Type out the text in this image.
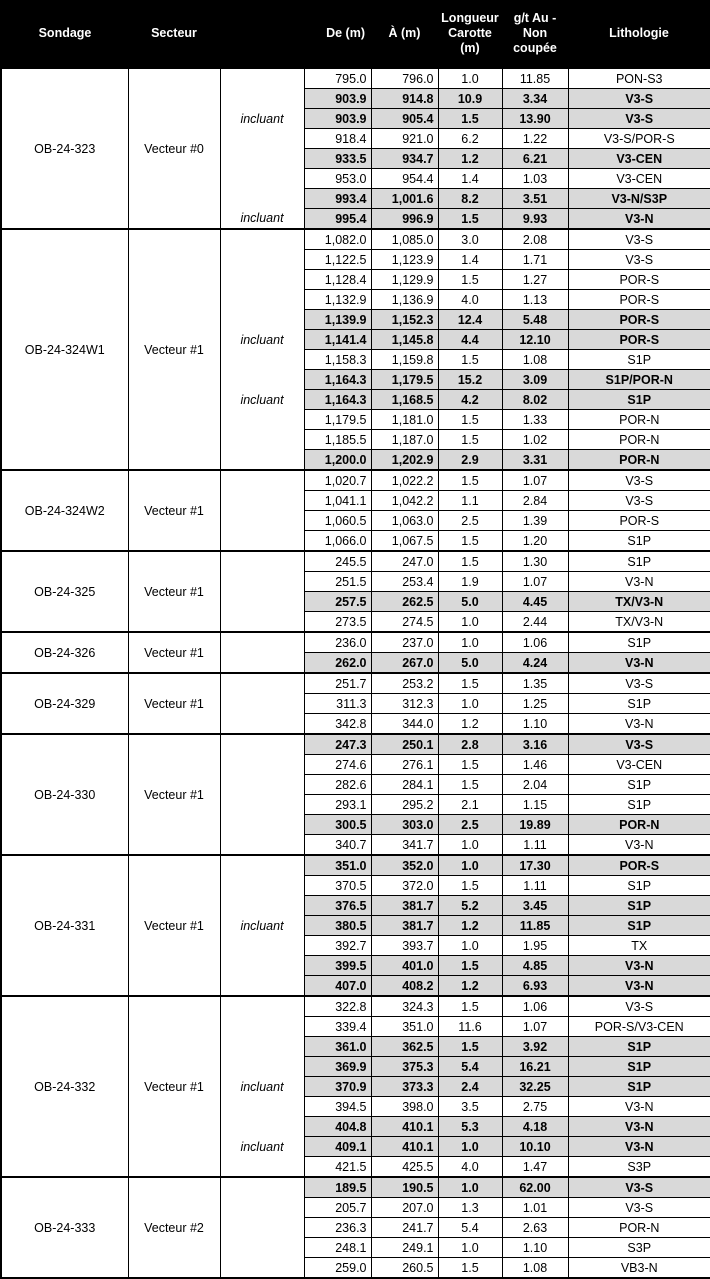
Sondage	Secteur		De (m)	À (m)	Longueur Carotte (m)	g/t Au - Non coupée	Lithologie
OB-24-323	Vecteur #0		795.0	796.0	1.0	11.85	PON-S3
			903.9	914.8	10.9	3.34	V3-S
		incluant	903.9	905.4	1.5	13.90	V3-S
			918.4	921.0	6.2	1.22	V3-S/POR-S
			933.5	934.7	1.2	6.21	V3-CEN
			953.0	954.4	1.4	1.03	V3-CEN
			993.4	1,001.6	8.2	3.51	V3-N/S3P
		incluant	995.4	996.9	1.5	9.93	V3-N
OB-24-324W1	Vecteur #1		1,082.0	1,085.0	3.0	2.08	V3-S
			1,122.5	1,123.9	1.4	1.71	V3-S
			1,128.4	1,129.9	1.5	1.27	POR-S
			1,132.9	1,136.9	4.0	1.13	POR-S
			1,139.9	1,152.3	12.4	5.48	POR-S
		incluant	1,141.4	1,145.8	4.4	12.10	POR-S
			1,158.3	1,159.8	1.5	1.08	S1P
			1,164.3	1,179.5	15.2	3.09	S1P/POR-N
		incluant	1,164.3	1,168.5	4.2	8.02	S1P
			1,179.5	1,181.0	1.5	1.33	POR-N
			1,185.5	1,187.0	1.5	1.02	POR-N
			1,200.0	1,202.9	2.9	3.31	POR-N
OB-24-324W2	Vecteur #1		1,020.7	1,022.2	1.5	1.07	V3-S
			1,041.1	1,042.2	1.1	2.84	V3-S
			1,060.5	1,063.0	2.5	1.39	POR-S
			1,066.0	1,067.5	1.5	1.20	S1P
OB-24-325	Vecteur #1		245.5	247.0	1.5	1.30	S1P
			251.5	253.4	1.9	1.07	V3-N
			257.5	262.5	5.0	4.45	TX/V3-N
			273.5	274.5	1.0	2.44	TX/V3-N
OB-24-326	Vecteur #1		236.0	237.0	1.0	1.06	S1P
			262.0	267.0	5.0	4.24	V3-N
OB-24-329	Vecteur #1		251.7	253.2	1.5	1.35	V3-S
			311.3	312.3	1.0	1.25	S1P
			342.8	344.0	1.2	1.10	V3-N
OB-24-330	Vecteur #1		247.3	250.1	2.8	3.16	V3-S
			274.6	276.1	1.5	1.46	V3-CEN
			282.6	284.1	1.5	2.04	S1P
			293.1	295.2	2.1	1.15	S1P
			300.5	303.0	2.5	19.89	POR-N
			340.7	341.7	1.0	1.11	V3-N
OB-24-331	Vecteur #1		351.0	352.0	1.0	17.30	POR-S
			370.5	372.0	1.5	1.11	S1P
			376.5	381.7	5.2	3.45	S1P
		incluant	380.5	381.7	1.2	11.85	S1P
			392.7	393.7	1.0	1.95	TX
			399.5	401.0	1.5	4.85	V3-N
			407.0	408.2	1.2	6.93	V3-N
OB-24-332	Vecteur #1		322.8	324.3	1.5	1.06	V3-S
			339.4	351.0	11.6	1.07	POR-S/V3-CEN
			361.0	362.5	1.5	3.92	S1P
			369.9	375.3	5.4	16.21	S1P
		incluant	370.9	373.3	2.4	32.25	S1P
			394.5	398.0	3.5	2.75	V3-N
			404.8	410.1	5.3	4.18	V3-N
		incluant	409.1	410.1	1.0	10.10	V3-N
			421.5	425.5	4.0	1.47	S3P
OB-24-333	Vecteur #2		189.5	190.5	1.0	62.00	V3-S
			205.7	207.0	1.3	1.01	V3-S
			236.3	241.7	5.4	2.63	POR-N
			248.1	249.1	1.0	1.10	S3P
			259.0	260.5	1.5	1.08	VB3-N
